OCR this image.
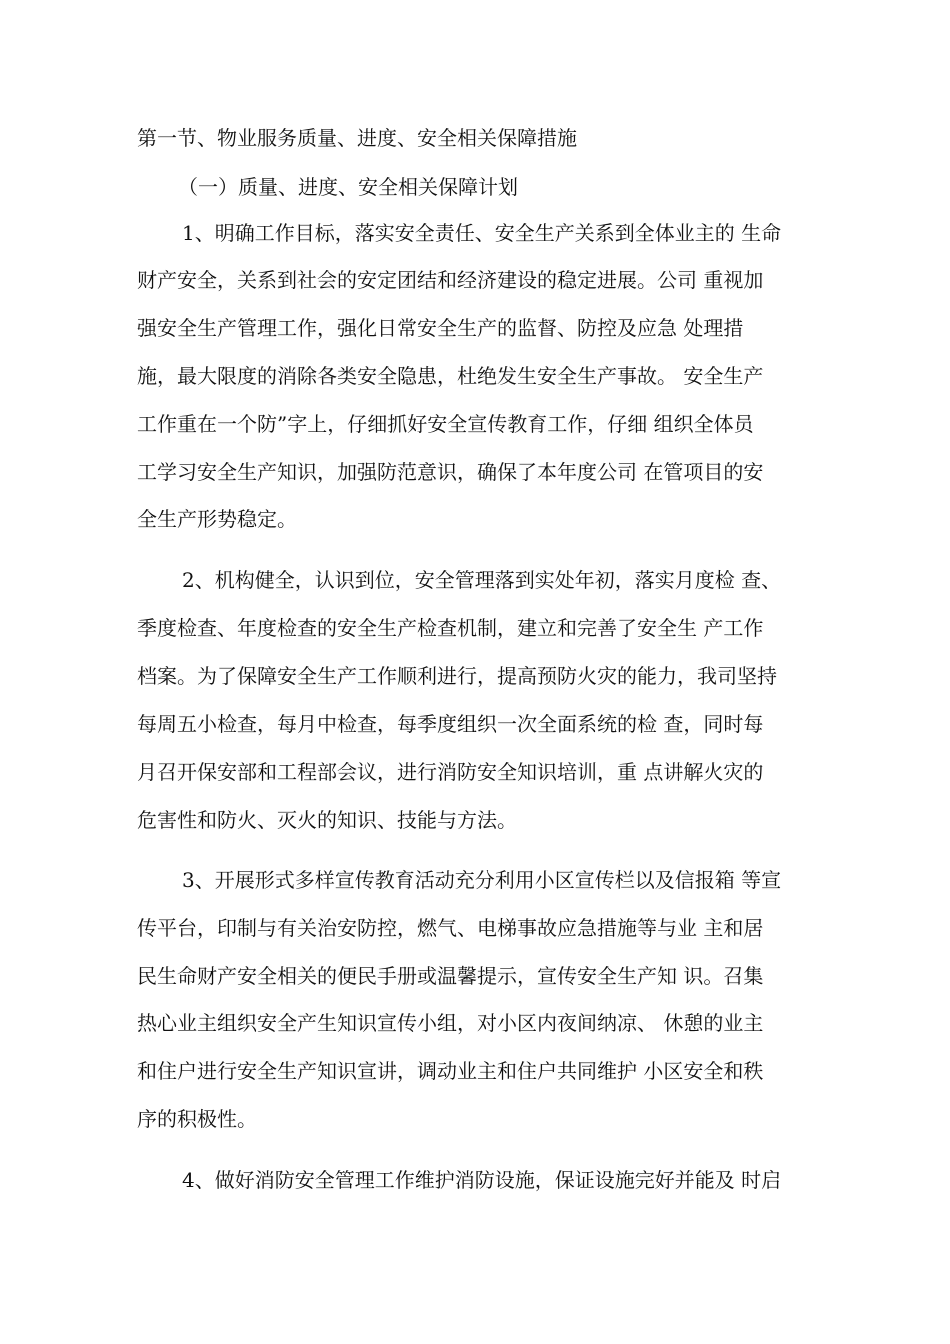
第一节、物业服务质量、进度、安全相关保障措施
（一）质量、进度、安全相关保障计划
1、明确工作目标，落实安全责任、安全生产关系到全体业主的 生命
财产安全，关系到社会的安定团结和经济建设的稳定进展。公司 重视加
强安全生产管理工作，强化日常安全生产的监督、防控及应急 处理措
施，最大限度的消除各类安全隐患，杜绝发生安全生产事故。 安全生产
工作重在一个防”字上，仔细抓好安全宣传教育工作，仔细 组织全体员
工学习安全生产知识，加强防范意识，确保了本年度公司 在管项目的安
全生产形势稳定。
2、机构健全，认识到位，安全管理落到实处年初，落实月度检 查、
季度检查、年度检查的安全生产检查机制，建立和完善了安全生 产工作
档案。为了保障安全生产工作顺利进行，提高预防火灾的能力，我司坚持
每周五小检查，每月中检查，每季度组织一次全面系统的检 查，同时每
月召开保安部和工程部会议，进行消防安全知识培训，重 点讲解火灾的
危害性和防火、灭火的知识、技能与方法。
3、开展形式多样宣传教育活动充分利用小区宣传栏以及信报箱 等宣
传平台，印制与有关治安防控，燃气、电梯事故应急措施等与业 主和居
民生命财产安全相关的便民手册或温馨提示，宣传安全生产知 识。召集
热心业主组织安全产生知识宣传小组，对小区内夜间纳凉、 休憩的业主
和住户进行安全生产知识宣讲，调动业主和住户共同维护 小区安全和秩
序的积极性。
4、做好消防安全管理工作维护消防设施，保证设施完好并能及 时启
